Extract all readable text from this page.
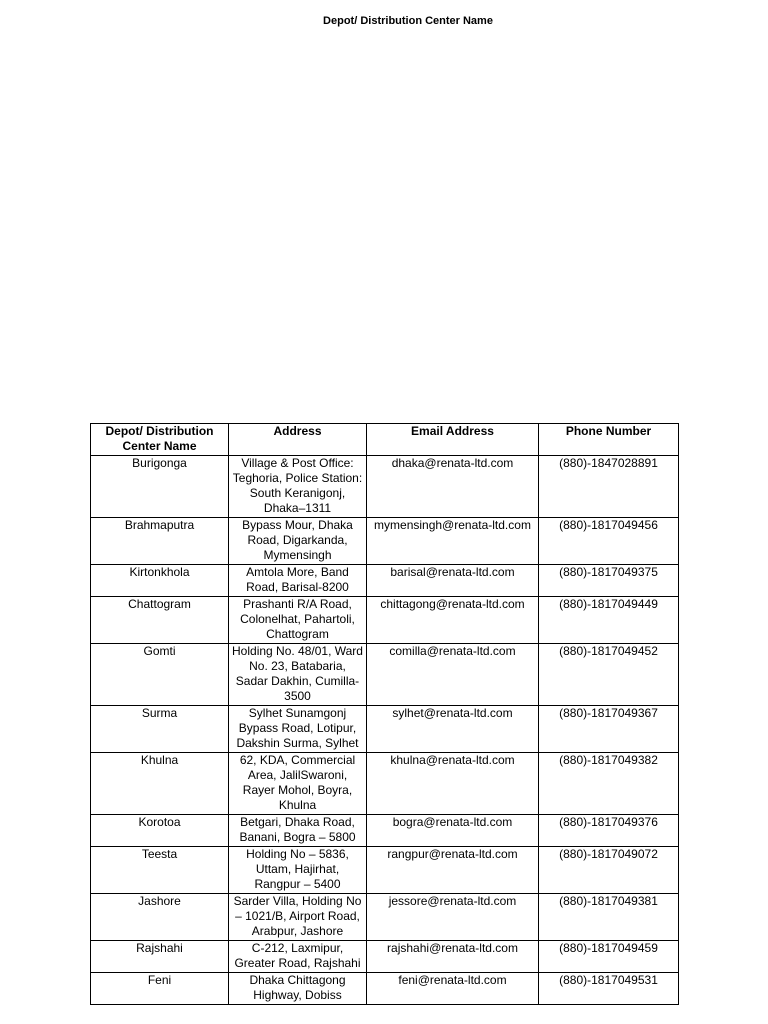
Depot/ Distribution Center Name
Depot/ Distribution Center Name	Address	Email Address	Phone Number
Burigonga	Village & Post Office: Teghoria, Police Station: South Keranigonj, Dhaka–1311	dhaka@renata-ltd.com	(880)-1847028891
Brahmaputra	Bypass Mour, Dhaka Road, Digarkanda, Mymensingh	mymensingh@renata-ltd.com	(880)-1817049456
Kirtonkhola	Amtola More, Band Road, Barisal-8200	barisal@renata-ltd.com	(880)-1817049375
Chattogram	Prashanti R/A Road, Colonelhat, Pahartoli, Chattogram	chittagong@renata-ltd.com	(880)-1817049449
Gomti	Holding No. 48/01, Ward No. 23, Batabaria, Sadar Dakhin, Cumilla-3500	comilla@renata-ltd.com	(880)-1817049452
Surma	Sylhet Sunamgonj Bypass Road, Lotipur, Dakshin Surma, Sylhet	sylhet@renata-ltd.com	(880)-1817049367
Khulna	62, KDA, Commercial Area, JalilSwaroni, Rayer Mohol, Boyra, Khulna	khulna@renata-ltd.com	(880)-1817049382
Korotoa	Betgari, Dhaka Road, Banani, Bogra – 5800	bogra@renata-ltd.com	(880)-1817049376
Teesta	Holding No – 5836, Uttam, Hajirhat, Rangpur – 5400	rangpur@renata-ltd.com	(880)-1817049072
Jashore	Sarder Villa, Holding No – 1021/B, Airport Road, Arabpur, Jashore	jessore@renata-ltd.com	(880)-1817049381
Rajshahi	C-212, Laxmipur, Greater Road, Rajshahi	rajshahi@renata-ltd.com	(880)-1817049459
Feni	Dhaka Chittagong Highway, Dobiss	feni@renata-ltd.com	(880)-1817049531
